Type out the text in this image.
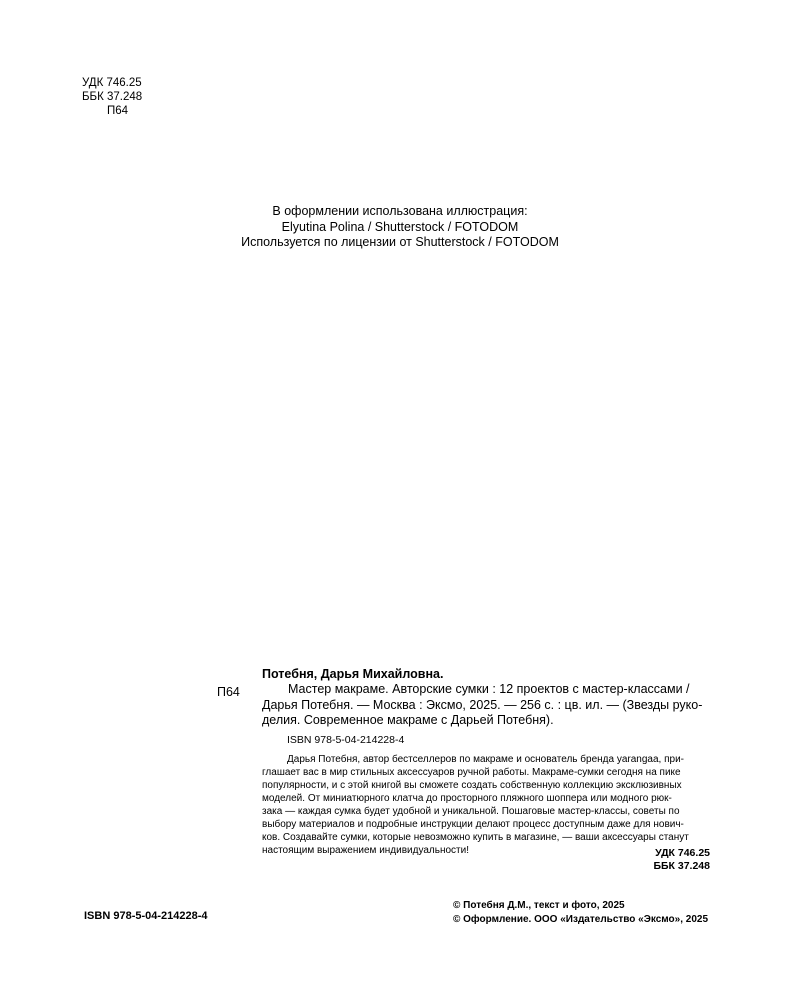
УДК 746.25
ББК 37.248
П64
В оформлении использована иллюстрация:
Elyutina Polina / Shutterstock / FOTODOM
Используется по лицензии от Shutterstock / FOTODOM
Потебня, Дарья Михайловна.
П64	Мастер макраме. Авторские сумки : 12 проектов с мастер-классами /
Дарья Потебня. — Москва : Эксмо, 2025. — 256 с. : цв. ил. — (Звезды руко-
делия. Современное макраме с Дарьей Потебня).
ISBN 978-5-04-214228-4
Дарья Потебня, автор бестселлеров по макраме и основатель бренда yarangaa, при-
глашает вас в мир стильных аксессуаров ручной работы. Макраме-сумки сегодня на пике
популярности, и с этой книгой вы сможете создать собственную коллекцию эксклюзивных
моделей. От миниатюрного клатча до просторного пляжного шоппера или модного рюк-
зака — каждая сумка будет удобной и уникальной. Пошаговые мастер-классы, советы по
выбору материалов и подробные инструкции делают процесс доступным даже для нович-
ков. Создавайте сумки, которые невозможно купить в магазине, — ваши аксессуары станут
настоящим выражением индивидуальности!	УДК 746.25
ББК 37.248
© Потебня Д.М., текст и фото, 2025
© Оформление. ООО «Издательство «Эксмо», 2025
ISBN 978-5-04-214228-4
